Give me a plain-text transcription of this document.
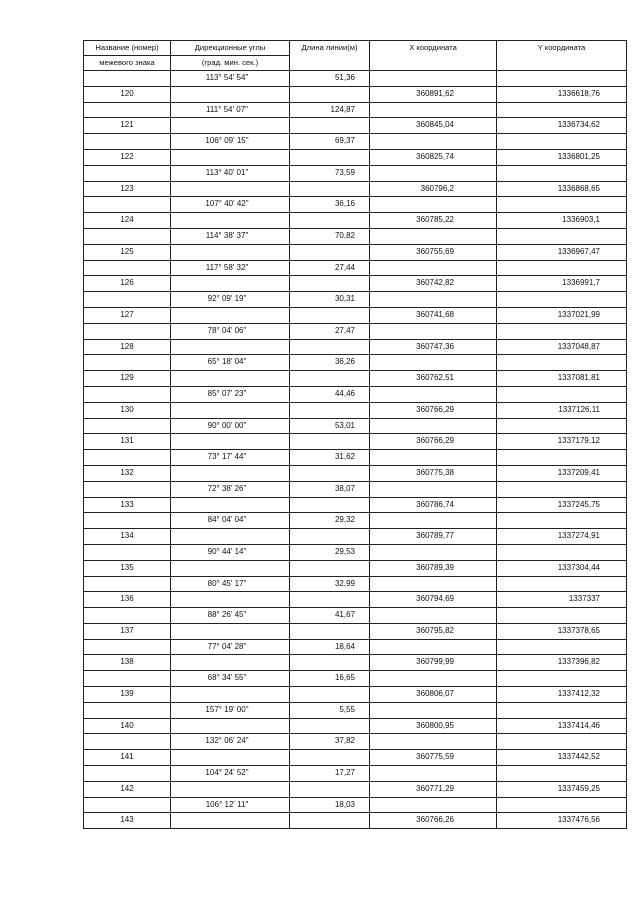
Название (номер)	Дирекционные углы	Длина линии(м)	X координата	Y координата
межевого знака	(град. мин. сек.)			
	113° 54' 54"	51,36		
120			360891,62	1336618,76
	111° 54' 07"	124,87		
121			360845,04	1336734,62
	106° 09' 15"	69,37		
122			360825,74	1336801,25
	113° 40' 01"	73,59		
123			360796,2	1336868,65
	107° 40' 42"	36,16		
124			360785,22	1336903,1
	114° 38' 37"	70,82		
125			360755,69	1336967,47
	117° 58' 32"	27,44		
126			360742,82	1336991,7
	92° 09' 19"	30,31		
127			360741,68	1337021,99
	78° 04' 06"	27,47		
128			360747,36	1337048,87
	65° 18' 04"	36,26		
129			360762,51	1337081,81
	85° 07' 23"	44,46		
130			360766,29	1337126,11
	90° 00' 00"	53,01		
131			360766,29	1337179,12
	73° 17' 44"	31,62		
132			360775,38	1337209,41
	72° 38' 26"	38,07		
133			360786,74	1337245,75
	84° 04' 04"	29,32		
134			360789,77	1337274,91
	90° 44' 14"	29,53		
135			360789,39	1337304,44
	80° 45' 17"	32,99		
136			360794,69	1337337
	88° 26' 45"	41,67		
137			360795,82	1337378,65
	77° 04' 28"	18,64		
138			360799,99	1337396,82
	68° 34' 55"	16,65		
139			360806,07	1337412,32
	157° 19' 00"	5,55		
140			360800,95	1337414,46
	132° 06' 24"	37,82		
141			360775,59	1337442,52
	104° 24' 52"	17,27		
142			360771,29	1337459,25
	106° 12' 11"	18,03		
143			360766,26	1337476,56
